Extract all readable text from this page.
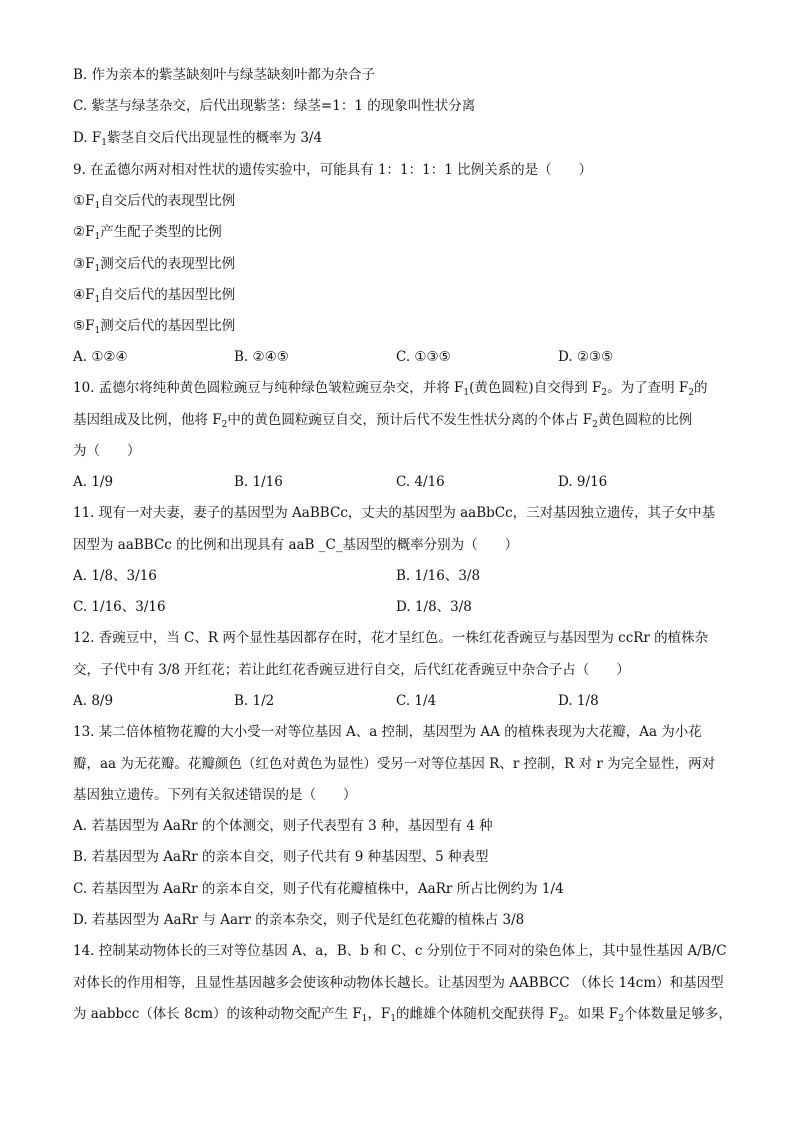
B. 作为亲本的紫茎缺刻叶与绿茎缺刻叶都为杂合子
C. 紫茎与绿茎杂交，后代出现紫茎：绿茎=1：1 的现象叫性状分离
D. $F_1$紫茎自交后代出现显性的概率为 3/4
9. 在孟德尔两对相对性状的遗传实验中，可能具有 1：1：1：1 比例关系的是（　　）
$①F_1$自交后代的表现型比例
$②F_1$产生配子类型的比例
$③F_1$测交后代的表现型比例
$④F_1$自交后代的基因型比例
$⑤F_1$测交后代的基因型比例
A. ①②④	B. ②④⑤	C. ①③⑤	D. ②③⑤
10. 孟德尔将纯种黄色圆粒豌豆与纯种绿色皱粒豌豆杂交，并将 $F_1$(黄色圆粒)自交得到 $F_2$。为了查明 $F_2$的
基因组成及比例，他将 $F_2$中的黄色圆粒豌豆自交，预计后代不发生性状分离的个体占 $F_2$黄色圆粒的比例
为（　　）
A. 1/9	B. 1/16	C. 4/16	D. 9/16
11. 现有一对夫妻，妻子的基因型为 AaBBCc，丈夫的基因型为 aaBbCc，三对基因独立遗传，其子女中基
因型为 aaBBCc 的比例和出现具有 aaB _C_基因型的概率分别为（　　）
A. 1/8、3/16	B. 1/16、3/8
C. 1/16、3/16	D. 1/8、3/8
12. 香豌豆中，当 C、R 两个显性基因都存在时，花才呈红色。一株红花香豌豆与基因型为 ccRr 的植株杂
交，子代中有 3/8 开红花；若让此红花香豌豆进行自交，后代红花香豌豆中杂合子占（　　）
A. 8/9	B. 1/2	C. 1/4	D. 1/8
13. 某二倍体植物花瓣的大小受一对等位基因 A、a 控制，基因型为 AA 的植株表现为大花瓣，Aa 为小花
瓣，aa 为无花瓣。花瓣颜色（红色对黄色为显性）受另一对等位基因 R、r 控制，R 对 r 为完全显性，两对
基因独立遗传。下列有关叙述错误的是（　　）
A. 若基因型为 AaRr 的个体测交，则子代表型有 3 种，基因型有 4 种
B. 若基因型为 AaRr 的亲本自交，则子代共有 9 种基因型、5 种表型
C. 若基因型为 AaRr 的亲本自交，则子代有花瓣植株中，AaRr 所占比例约为 1/4
D. 若基因型为 AaRr 与 Aarr 的亲本杂交，则子代是红色花瓣的植株占 3/8
14. 控制某动物体长的三对等位基因 A、a，B、b 和 C、c 分别位于不同对的染色体上，其中显性基因 A/B/C
对体长的作用相等，且显性基因越多会使该种动物体长越长。让基因型为 AABBCC （体长 14cm）和基因型
为 aabbcc（体长 8cm）的该种动物交配产生 $F_1$，$F_1$的雌雄个体随机交配获得 $F_2$。如果 $F_2$个体数量足够多，
